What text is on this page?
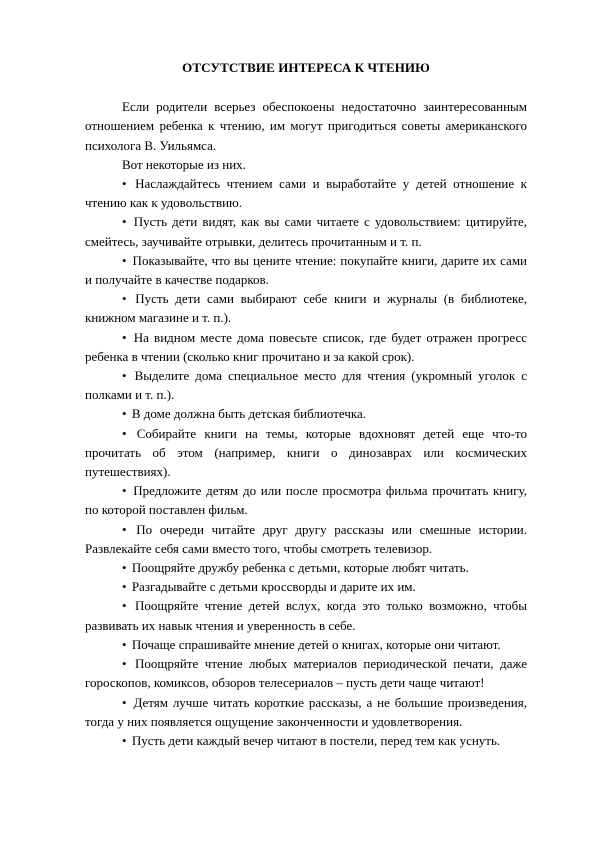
ОТСУТСТВИЕ ИНТЕРЕСА К ЧТЕНИЮ

Если родители всерьез обеспокоены недостаточно заинтересованным отношением ребенка к чтению, им могут пригодиться советы американского психолога В. Уильямса.

Вот некоторые из них.

• Наслаждайтесь чтением сами и выработайте у детей отношение к чтению как к удовольствию.

• Пусть дети видят, как вы сами читаете с удовольствием: цитируйте, смейтесь, заучивайте отрывки, делитесь прочитанным и т. п.

• Показывайте, что вы цените чтение: покупайте книги, дарите их сами и получайте в качестве подарков.

• Пусть дети сами выбирают себе книги и журналы (в библиотеке, книжном магазине и т. п.).

• На видном месте дома повесьте список, где будет отражен прогресс ребенка в чтении (сколько книг прочитано и за какой срок).

• Выделите дома специальное место для чтения (укромный уголок с полками и т. п.).

• В доме должна быть детская библиотечка.

• Собирайте книги на темы, которые вдохновят детей еще что-то прочитать об этом (например, книги о динозаврах или космических путешествиях).

• Предложите детям до или после просмотра фильма прочитать книгу, по которой поставлен фильм.

• По очереди читайте друг другу рассказы или смешные истории. Развлекайте себя сами вместо того, чтобы смотреть телевизор.

• Поощряйте дружбу ребенка с детьми, которые любят читать.

• Разгадывайте с детьми кроссворды и дарите их им.

• Поощряйте чтение детей вслух, когда это только возможно, чтобы развивать их навык чтения и уверенность в себе.

• Почаще спрашивайте мнение детей о книгах, которые они читают.

• Поощряйте чтение любых материалов периодической печати, даже гороскопов, комиксов, обзоров телесериалов – пусть дети чаще читают!

• Детям лучше читать короткие рассказы, а не большие произведения, тогда у них появляется ощущение законченности и удовлетворения.

• Пусть дети каждый вечер читают в постели, перед тем как уснуть.
